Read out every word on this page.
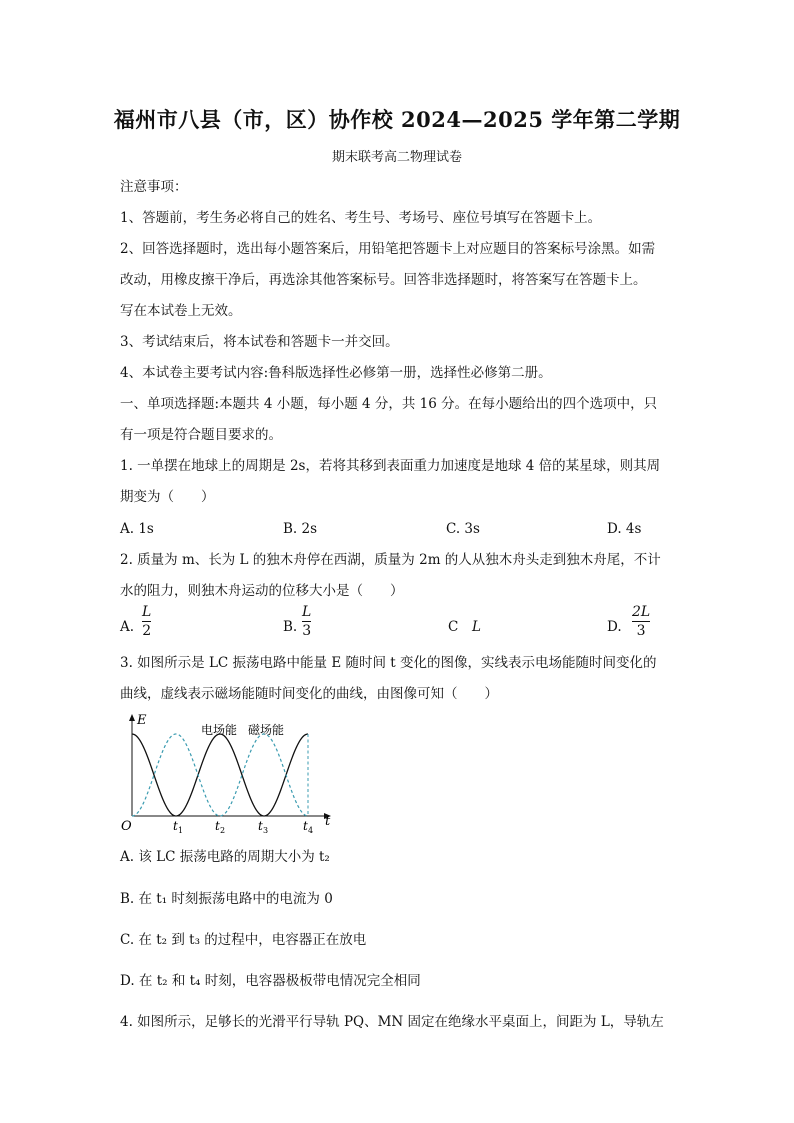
福州市八县（市，区）协作校 2024—2025 学年第二学期
期末联考高二物理试卷
注意事项：
1、答题前，考生务必将自己的姓名、考生号、考场号、座位号填写在答题卡上。
2、回答选择题时，选出每小题答案后，用铅笔把答题卡上对应题目的答案标号涂黑。如需
改动，用橡皮擦干净后，再选涂其他答案标号。回答非选择题时，将答案写在答题卡上。
写在本试卷上无效。
3、考试结束后，将本试卷和答题卡一并交回。
4、本试卷主要考试内容:鲁科版选择性必修第一册，选择性必修第二册。
一、单项选择题:本题共 4 小题，每小题 4 分，共 16 分。在每小题给出的四个选项中，只
有一项是符合题目要求的。
1. 一单摆在地球上的周期是 2s，若将其移到表面重力加速度是地球 4 倍的某星球，则其周
期变为（　　）
A. 1s	B. 2s	C. 3s	D. 4s
2. 质量为 m、长为 L 的独木舟停在西湖，质量为 2m 的人从独木舟头走到独木舟尾，不计
水的阻力，则独木舟运动的位移大小是（　　）
A.
L
2	B.
L
3	C L	D.
2L
3
3. 如图所示是 LC 振荡电路中能量 E 随时间 t 变化的图像，实线表示电场能随时间变化的
曲线，虚线表示磁场能随时间变化的曲线，由图像可知（　　）
E
t
O
电场能 磁场能
t 1	t 2	t 3	t 4
A. 该 LC 振荡电路的周期大小为 t₂
B. 在 t₁ 时刻振荡电路中的电流为 0
C. 在 t₂ 到 t₃ 的过程中，电容器正在放电
D. 在 t₂ 和 t₄ 时刻，电容器极板带电情况完全相同
4. 如图所示，足够长的光滑平行导轨 PQ、MN 固定在绝缘水平桌面上，间距为 L，导轨左
